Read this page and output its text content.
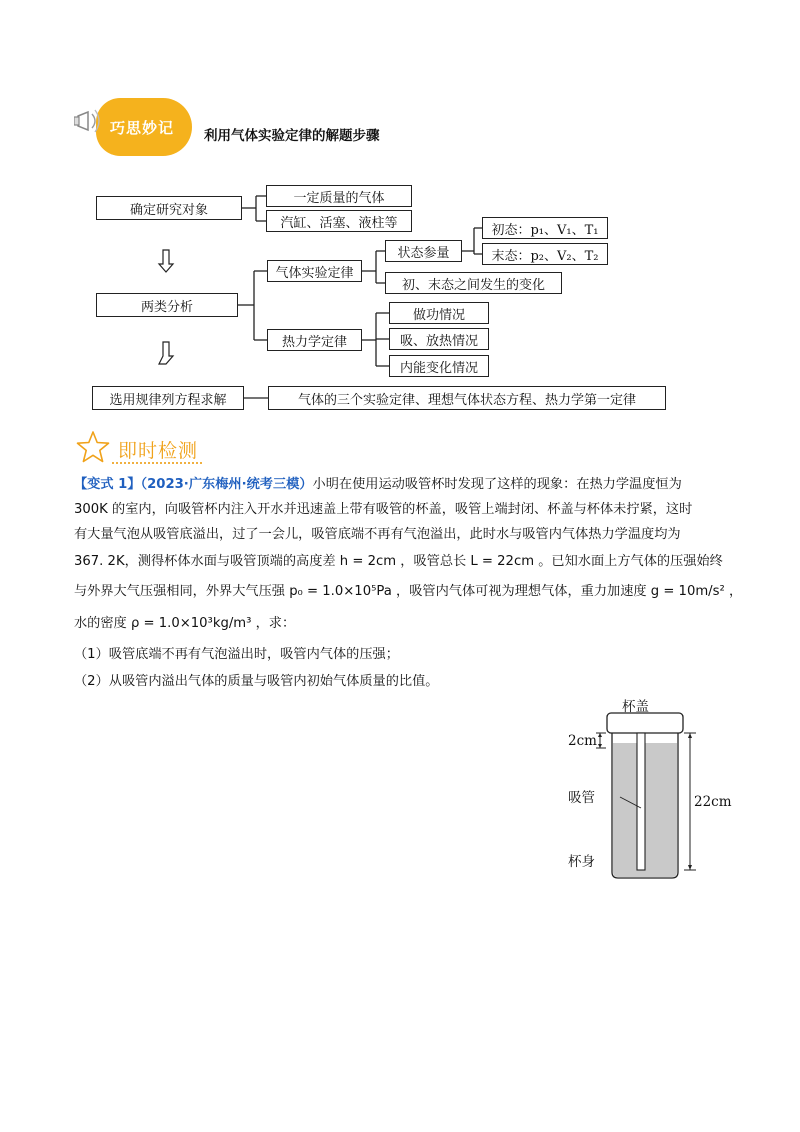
巧思妙记 利用气体实验定律的解题步骤
确定研究对象
一定质量的气体
汽缸、活塞、液柱等
两类分析
气体实验定律
状态参量
初态：p₁、V₁、T₁
末态：p₂、V₂、T₂
初、末态之间发生的变化
热力学定律
做功情况
吸、放热情况
内能变化情况
选用规律列方程求解	气体的三个实验定律、理想气体状态方程、热力学第一定律
即时检测
【变式 1】（2023·广东梅州·统考三模）小明在使用运动吸管杯时发现了这样的现象：在热力学温度恒为
300K 的室内，向吸管杯内注入开水并迅速盖上带有吸管的杯盖，吸管上端封闭、杯盖与杯体未拧紧，这时
有大量气泡从吸管底溢出，过了一会儿，吸管底端不再有气泡溢出，此时水与吸管内气体热力学温度均为
367. 2K，测得杯体水面与吸管顶端的高度差 h = 2cm ，吸管总长 L = 22cm 。已知水面上方气体的压强始终
与外界大气压强相同，外界大气压强 p₀ = 1.0×10⁵Pa ，吸管内气体可视为理想气体，重力加速度 g = 10m/s² ，
水的密度 ρ = 1.0×10³kg/m³ ，求：
（1）吸管底端不再有气泡溢出时，吸管内气体的压强；
（2）从吸管内溢出气体的质量与吸管内初始气体质量的比值。
杯盖
2cm
吸管	22cm
杯身
